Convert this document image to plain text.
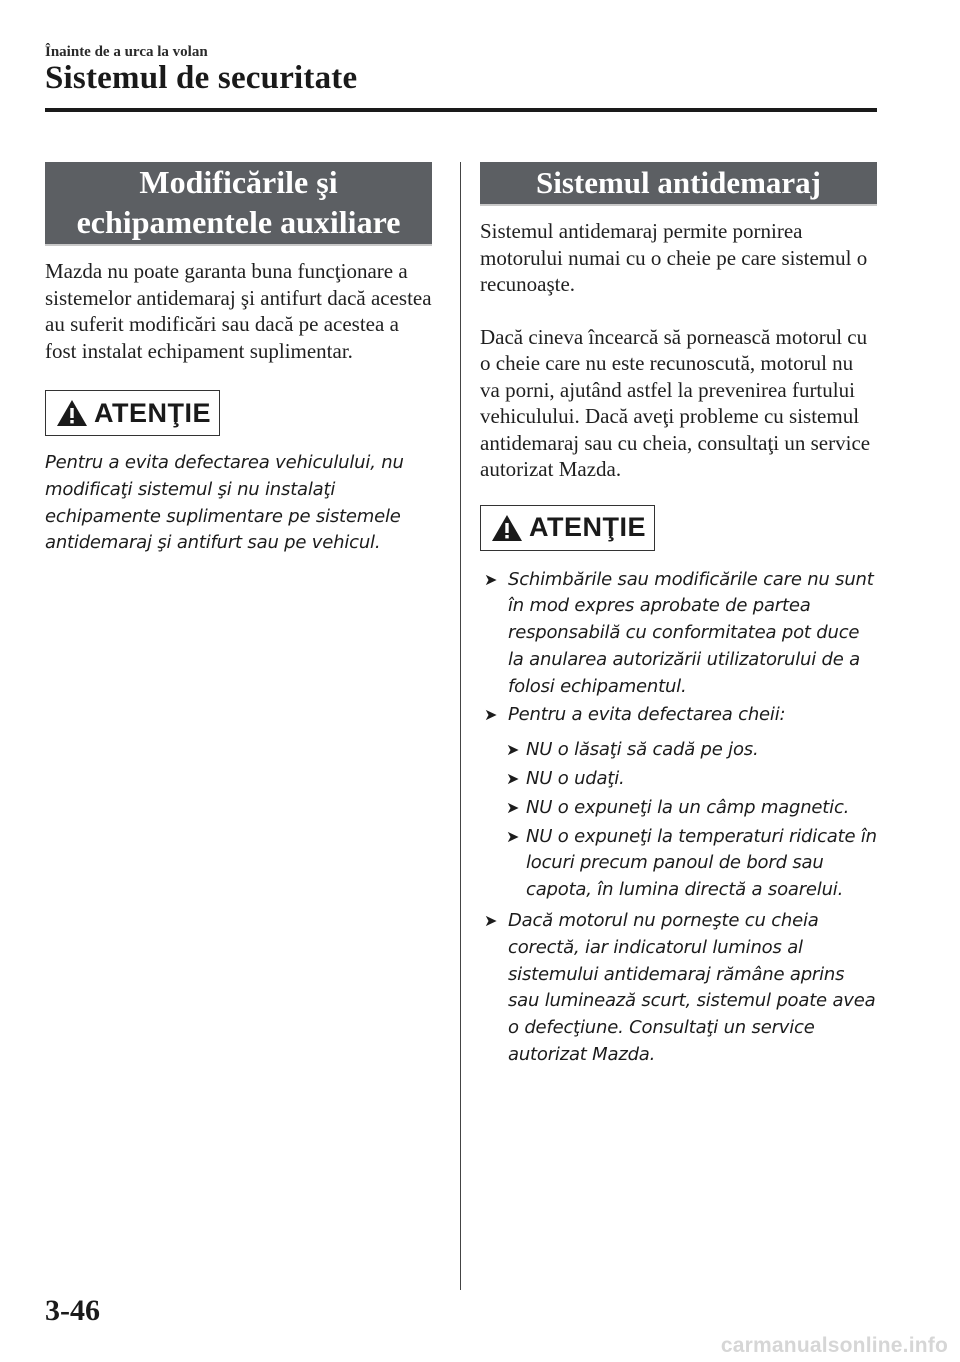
Înainte de a urca la volan
Sistemul de securitate
Modificările şi
echipamentele auxiliare

Mazda nu poate garanta buna funcţionare a sistemelor antidemaraj şi antifurt dacă acestea au suferit modificări sau dacă pe acestea a fost instalat echipament suplimentar.

ATENŢIE

Pentru a evita defectarea vehiculului, nu modificaţi sistemul şi nu instalaţi echipamente suplimentare pe sistemele antidemaraj şi antifurt sau pe vehicul.

Sistemul antidemaraj

Sistemul antidemaraj permite pornirea motorului numai cu o cheie pe care sistemul o recunoaşte.

Dacă cineva încearcă să pornească motorul cu o cheie care nu este recunoscută, motorul nu va porni, ajutând astfel la prevenirea furtului vehiculului. Dacă aveţi probleme cu sistemul antidemaraj sau cu cheia, consultaţi un service autorizat Mazda.

ATENŢIE
➤ Schimbările sau modificările care nu sunt în mod expres aprobate de partea responsabilă cu conformitatea pot duce la anularea autorizării utilizatorului de a folosi echipamentul.
➤ Pentru a evita defectarea cheii:
➤ NU o lăsaţi să cadă pe jos.
➤ NU o udaţi.
➤ NU o expuneţi la un câmp magnetic.
➤ NU o expuneţi la temperaturi ridicate în locuri precum panoul de bord sau capota, în lumina directă a soarelui.
➤ Dacă motorul nu porneşte cu cheia corectă, iar indicatorul luminos al sistemului antidemaraj rămâne aprins sau luminează scurt, sistemul poate avea o defecţiune. Consultaţi un service autorizat Mazda.
3-46
carmanualsonline.info
